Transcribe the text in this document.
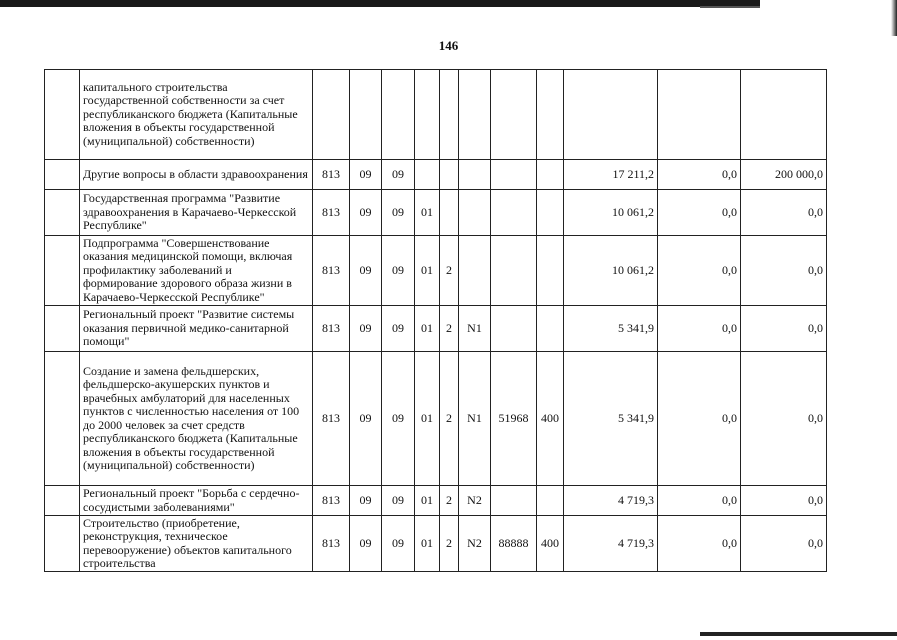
146
	капитального строительства государственной собственности за счет республиканского бюджета (Капитальные вложения в объекты государственной (муниципальной) собственности)											
	Другие вопросы в области здравоохранения	813	09	09						17 211,2	0,0	200 000,0
	Государственная программа "Развитие здравоохранения в Карачаево-Черкесской Республике"	813	09	09	01					10 061,2	0,0	0,0
	Подпрограмма "Совершенствование оказания медицинской помощи, включая профилактику заболеваний и формирование здорового образа жизни в Карачаево-Черкесской Республике"	813	09	09	01	2				10 061,2	0,0	0,0
	Региональный проект "Развитие системы оказания первичной медико-санитарной помощи"	813	09	09	01	2	N1			5 341,9	0,0	0,0
	Создание и замена фельдшерских, фельдшерско-акушерских пунктов и врачебных амбулаторий для населенных пунктов с численностью населения от 100 до 2000 человек за счет средств республиканского бюджета (Капитальные вложения в объекты государственной (муниципальной) собственности)	813	09	09	01	2	N1	51968	400	5 341,9	0,0	0,0
	Региональный проект "Борьба с сердечно-сосудистыми заболеваниями"	813	09	09	01	2	N2			4 719,3	0,0	0,0
	Строительство (приобретение, реконструкция, техническое перевооружение) объектов капитального строительства	813	09	09	01	2	N2	88888	400	4 719,3	0,0	0,0
